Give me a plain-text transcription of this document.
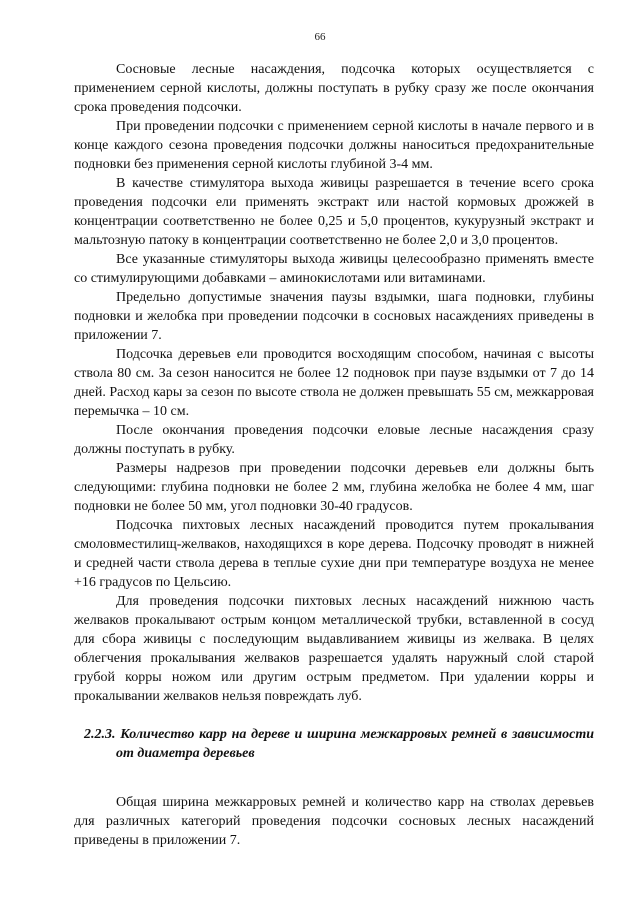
66

Сосновые лесные насаждения, подсочка которых осуществляется с применением серной кислоты, должны поступать в рубку сразу же после окончания срока проведения подсочки.

При проведении подсочки с применением серной кислоты в начале первого и в конце каждого сезона проведения подсочки должны наноситься предохранительные подновки без применения серной кислоты глубиной 3-4 мм.

В качестве стимулятора выхода живицы разрешается в течение всего срока проведения подсочки ели применять экстракт или настой кормовых дрожжей в концентрации соответственно не более 0,25 и 5,0 процентов, кукурузный экстракт и мальтозную патоку в концентрации соответственно не более 2,0 и 3,0 процентов.

Все указанные стимуляторы выхода живицы целесообразно применять вместе со стимулирующими добавками – аминокислотами или витаминами.

Предельно допустимые значения паузы вздымки, шага подновки, глубины подновки и желобка при проведении подсочки в сосновых насаждениях приведены в приложении 7.

Подсочка деревьев ели проводится восходящим способом, начиная с высоты ствола 80 см. За сезон наносится не более 12 подновок при паузе вздымки от 7 до 14 дней. Расход кары за сезон по высоте ствола не должен превышать 55 см, межкарровая перемычка – 10 см.

После окончания проведения подсочки еловые лесные насаждения сразу должны поступать в рубку.

Размеры надрезов при проведении подсочки деревьев ели должны быть следующими: глубина подновки не более 2 мм, глубина желобка не более 4 мм, шаг подновки не более 50 мм, угол подновки 30-40 градусов.

Подсочка пихтовых лесных насаждений проводится путем прокалывания смоловместилищ-желваков, находящихся в коре дерева. Подсочку проводят в нижней и средней части ствола дерева в теплые сухие дни при температуре воздуха не менее +16 градусов по Цельсию.

Для проведения подсочки пихтовых лесных насаждений нижнюю часть желваков прокалывают острым концом металлической трубки, вставленной в сосуд для сбора живицы с последующим выдавливанием живицы из желвака. В целях облегчения прокалывания желваков разрешается удалять наружный слой старой грубой корры ножом или другим острым предметом. При удалении корры и прокалывании желваков нельзя повреждать луб.

2.2.3. Количество карр на дереве и ширина межкарровых ремней в зависимости от диаметра деревьев

Общая ширина межкарровых ремней и количество карр на стволах деревьев для различных категорий проведения подсочки сосновых лесных насаждений приведены в приложении 7.
